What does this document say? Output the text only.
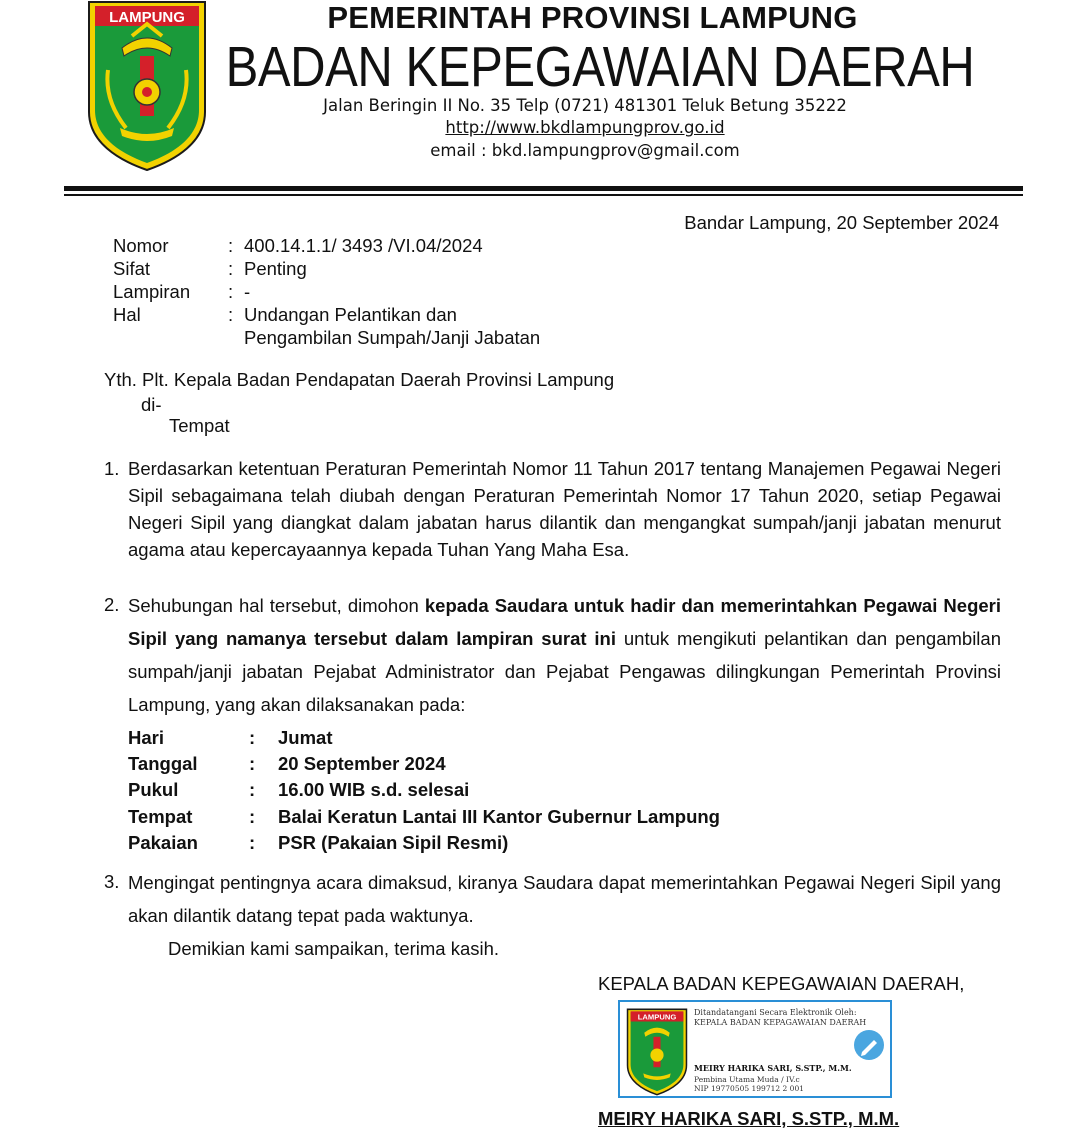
LAMPUNG	PEMERINTAH PROVINSI LAMPUNG
BADAN KEPEGAWAIAN DAERAH
Jalan Beringin II No. 35 Telp (0721) 481301 Teluk Betung 35222
http://www.bkdlampungprov.go.id
email : bkd.lampungprov@gmail.com
Bandar Lampung, 20 September 2024
Nomor	: 400.14.1.1/ 3493 /VI.04/2024
Sifat	: Penting
Lampiran : -
Hal	: Undangan Pelantikan dan
Pengambilan Sumpah/Janji Jabatan
Yth. Plt. Kepala Badan Pendapatan Daerah Provinsi Lampung
di-
Tempat
1. Berdasarkan ketentuan Peraturan Pemerintah Nomor 11 Tahun 2017 tentang Manajemen Pegawai Negeri Sipil sebagaimana telah diubah dengan Peraturan Pemerintah Nomor 17 Tahun 2020, setiap Pegawai Negeri Sipil yang diangkat dalam jabatan harus dilantik dan mengangkat sumpah/janji jabatan menurut agama atau kepercayaannya kepada Tuhan Yang Maha Esa.
2. Sehubungan hal tersebut, dimohon kepada Saudara untuk hadir dan memerintahkan Pegawai Negeri Sipil yang namanya tersebut dalam lampiran surat ini untuk mengikuti pelantikan dan pengambilan sumpah/janji jabatan Pejabat Administrator dan Pejabat Pengawas dilingkungan Pemerintah Provinsi Lampung, yang akan dilaksanakan pada:
Hari	: Jumat
Tanggal	: 20 September 2024
Pukul	: 16.00 WIB s.d. selesai
Tempat	: Balai Keratun Lantai III Kantor Gubernur Lampung
Pakaian	: PSR (Pakaian Sipil Resmi)
3. Mengingat pentingnya acara dimaksud, kiranya Saudara dapat memerintahkan Pegawai Negeri Sipil yang akan dilantik datang tepat pada waktunya.
Demikian kami sampaikan, terima kasih.
KEPALA BADAN KEPEGAWAIAN DAERAH,
LAMPUNG Ditandatangani Secara Elektronik Oleh:
KEPALA BADAN KEPAGAWAIAN DAERAH
MEIRY HARIKA SARI, S.STP., M.M.
Pembina Utama Muda / IV.c
NIP 19770505 199712 2 001
MEIRY HARIKA SARI, S.STP., M.M.
